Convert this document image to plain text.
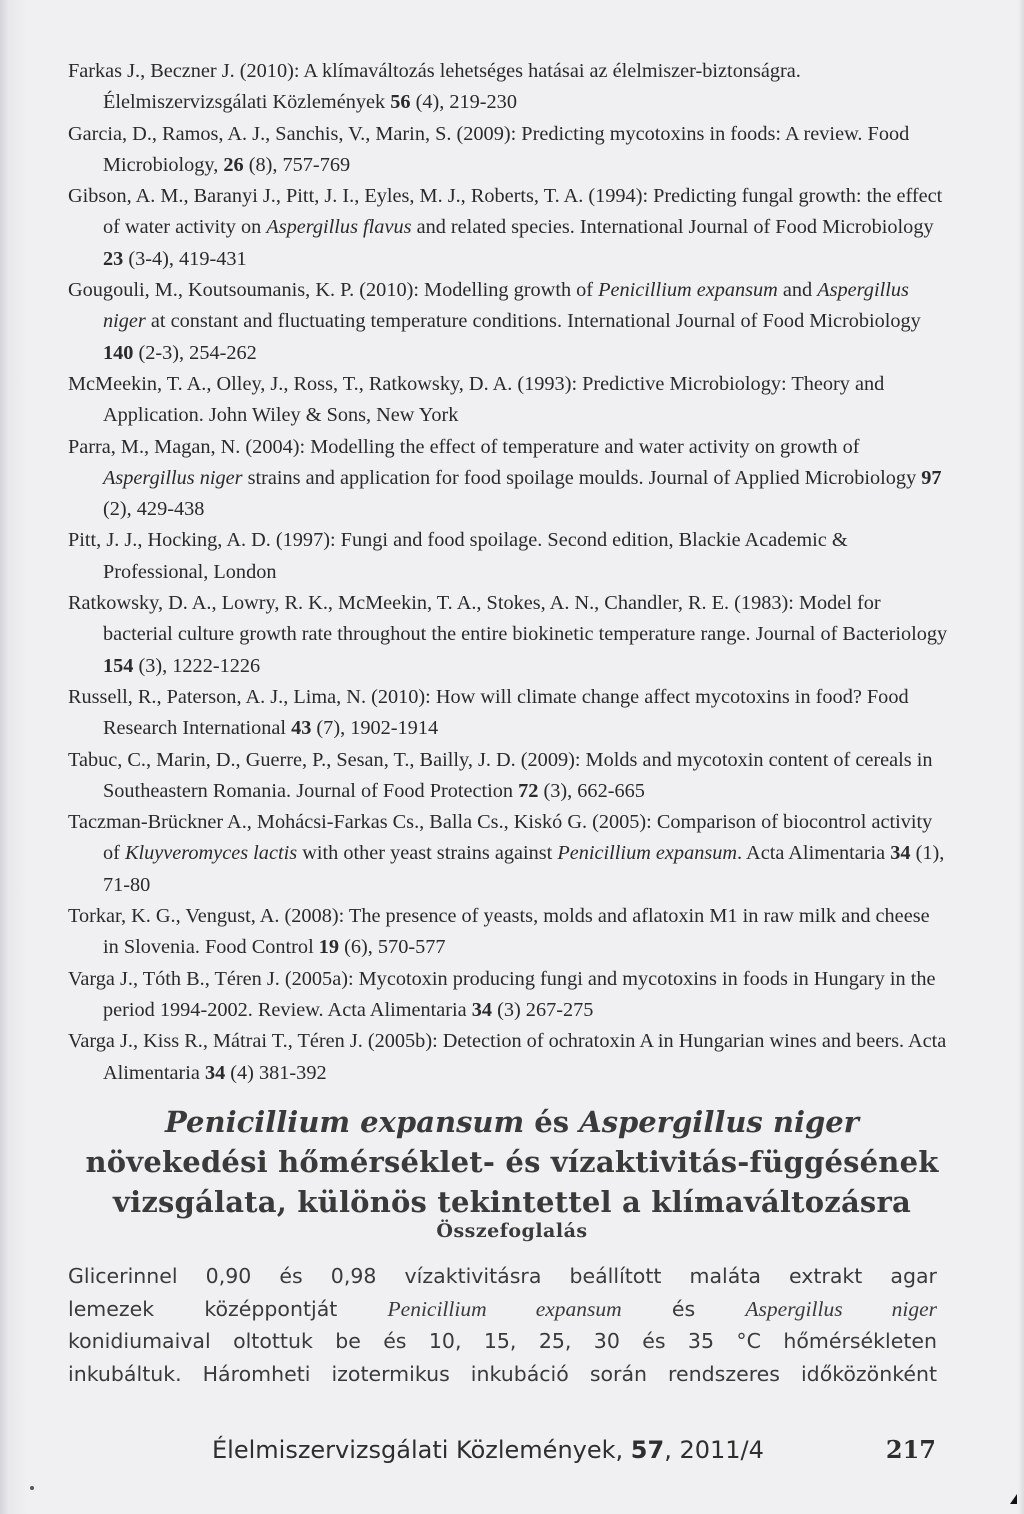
Farkas J., Beczner J. (2010): A klímaváltozás lehetséges hatásai az élelmiszer-biztonságra. Élelmiszervizsgálati Közlemények 56 (4), 219-230

Garcia, D., Ramos, A. J., Sanchis, V., Marin, S. (2009): Predicting mycotoxins in foods: A review. Food Microbiology, 26 (8), 757-769

Gibson, A. M., Baranyi J., Pitt, J. I., Eyles, M. J., Roberts, T. A. (1994): Predicting fungal growth: the effect of water activity on Aspergillus flavus and related species. International Journal of Food Microbiology 23 (3-4), 419-431

Gougouli, M., Koutsoumanis, K. P. (2010): Modelling growth of Penicillium expansum and Aspergillus niger at constant and fluctuating temperature conditions. International Journal of Food Microbiology 140 (2-3), 254-262

McMeekin, T. A., Olley, J., Ross, T., Ratkowsky, D. A. (1993): Predictive Microbiology: Theory and Application. John Wiley & Sons, New York

Parra, M., Magan, N. (2004): Modelling the effect of temperature and water activity on growth of Aspergillus niger strains and application for food spoilage moulds. Journal of Applied Microbiology 97 (2), 429-438

Pitt, J. J., Hocking, A. D. (1997): Fungi and food spoilage. Second edition, Blackie Academic & Professional, London

Ratkowsky, D. A., Lowry, R. K., McMeekin, T. A., Stokes, A. N., Chandler, R. E. (1983): Model for bacterial culture growth rate throughout the entire biokinetic temperature range. Journal of Bacteriology 154 (3), 1222-1226

Russell, R., Paterson, A. J., Lima, N. (2010): How will climate change affect mycotoxins in food? Food Research International 43 (7), 1902-1914

Tabuc, C., Marin, D., Guerre, P., Sesan, T., Bailly, J. D. (2009): Molds and mycotoxin content of cereals in Southeastern Romania. Journal of Food Protection 72 (3), 662-665

Taczman-Brückner A., Mohácsi-Farkas Cs., Balla Cs., Kiskó G. (2005): Comparison of biocontrol activity of Kluyveromyces lactis with other yeast strains against Penicillium expansum. Acta Alimentaria 34 (1), 71-80

Torkar, K. G., Vengust, A. (2008): The presence of yeasts, molds and aflatoxin M1 in raw milk and cheese in Slovenia. Food Control 19 (6), 570-577

Varga J., Tóth B., Téren J. (2005a): Mycotoxin producing fungi and mycotoxins in foods in Hungary in the period 1994-2002. Review. Acta Alimentaria 34 (3) 267-275

Varga J., Kiss R., Mátrai T., Téren J. (2005b): Detection of ochratoxin A in Hungarian wines and beers. Acta Alimentaria 34 (4) 381-392

Penicillium expansum és Aspergillus niger
növekedési hőmérséklet- és vízaktivitás-függésének
vizsgálata, különös tekintettel a klímaváltozásra
Összefoglalás
Glicerinnel 0,90 és 0,98 vízaktivitásra beállított maláta extrakt agar
lemezek középpontját Penicillium expansum és Aspergillus niger
konidiumaival oltottuk be és 10, 15, 25, 30 és 35 °C hőmérsékleten
inkubáltuk. Háromheti izotermikus inkubáció során rendszeres időközönként
Élelmiszervizsgálati Közlemények, 57, 2011/4	217
